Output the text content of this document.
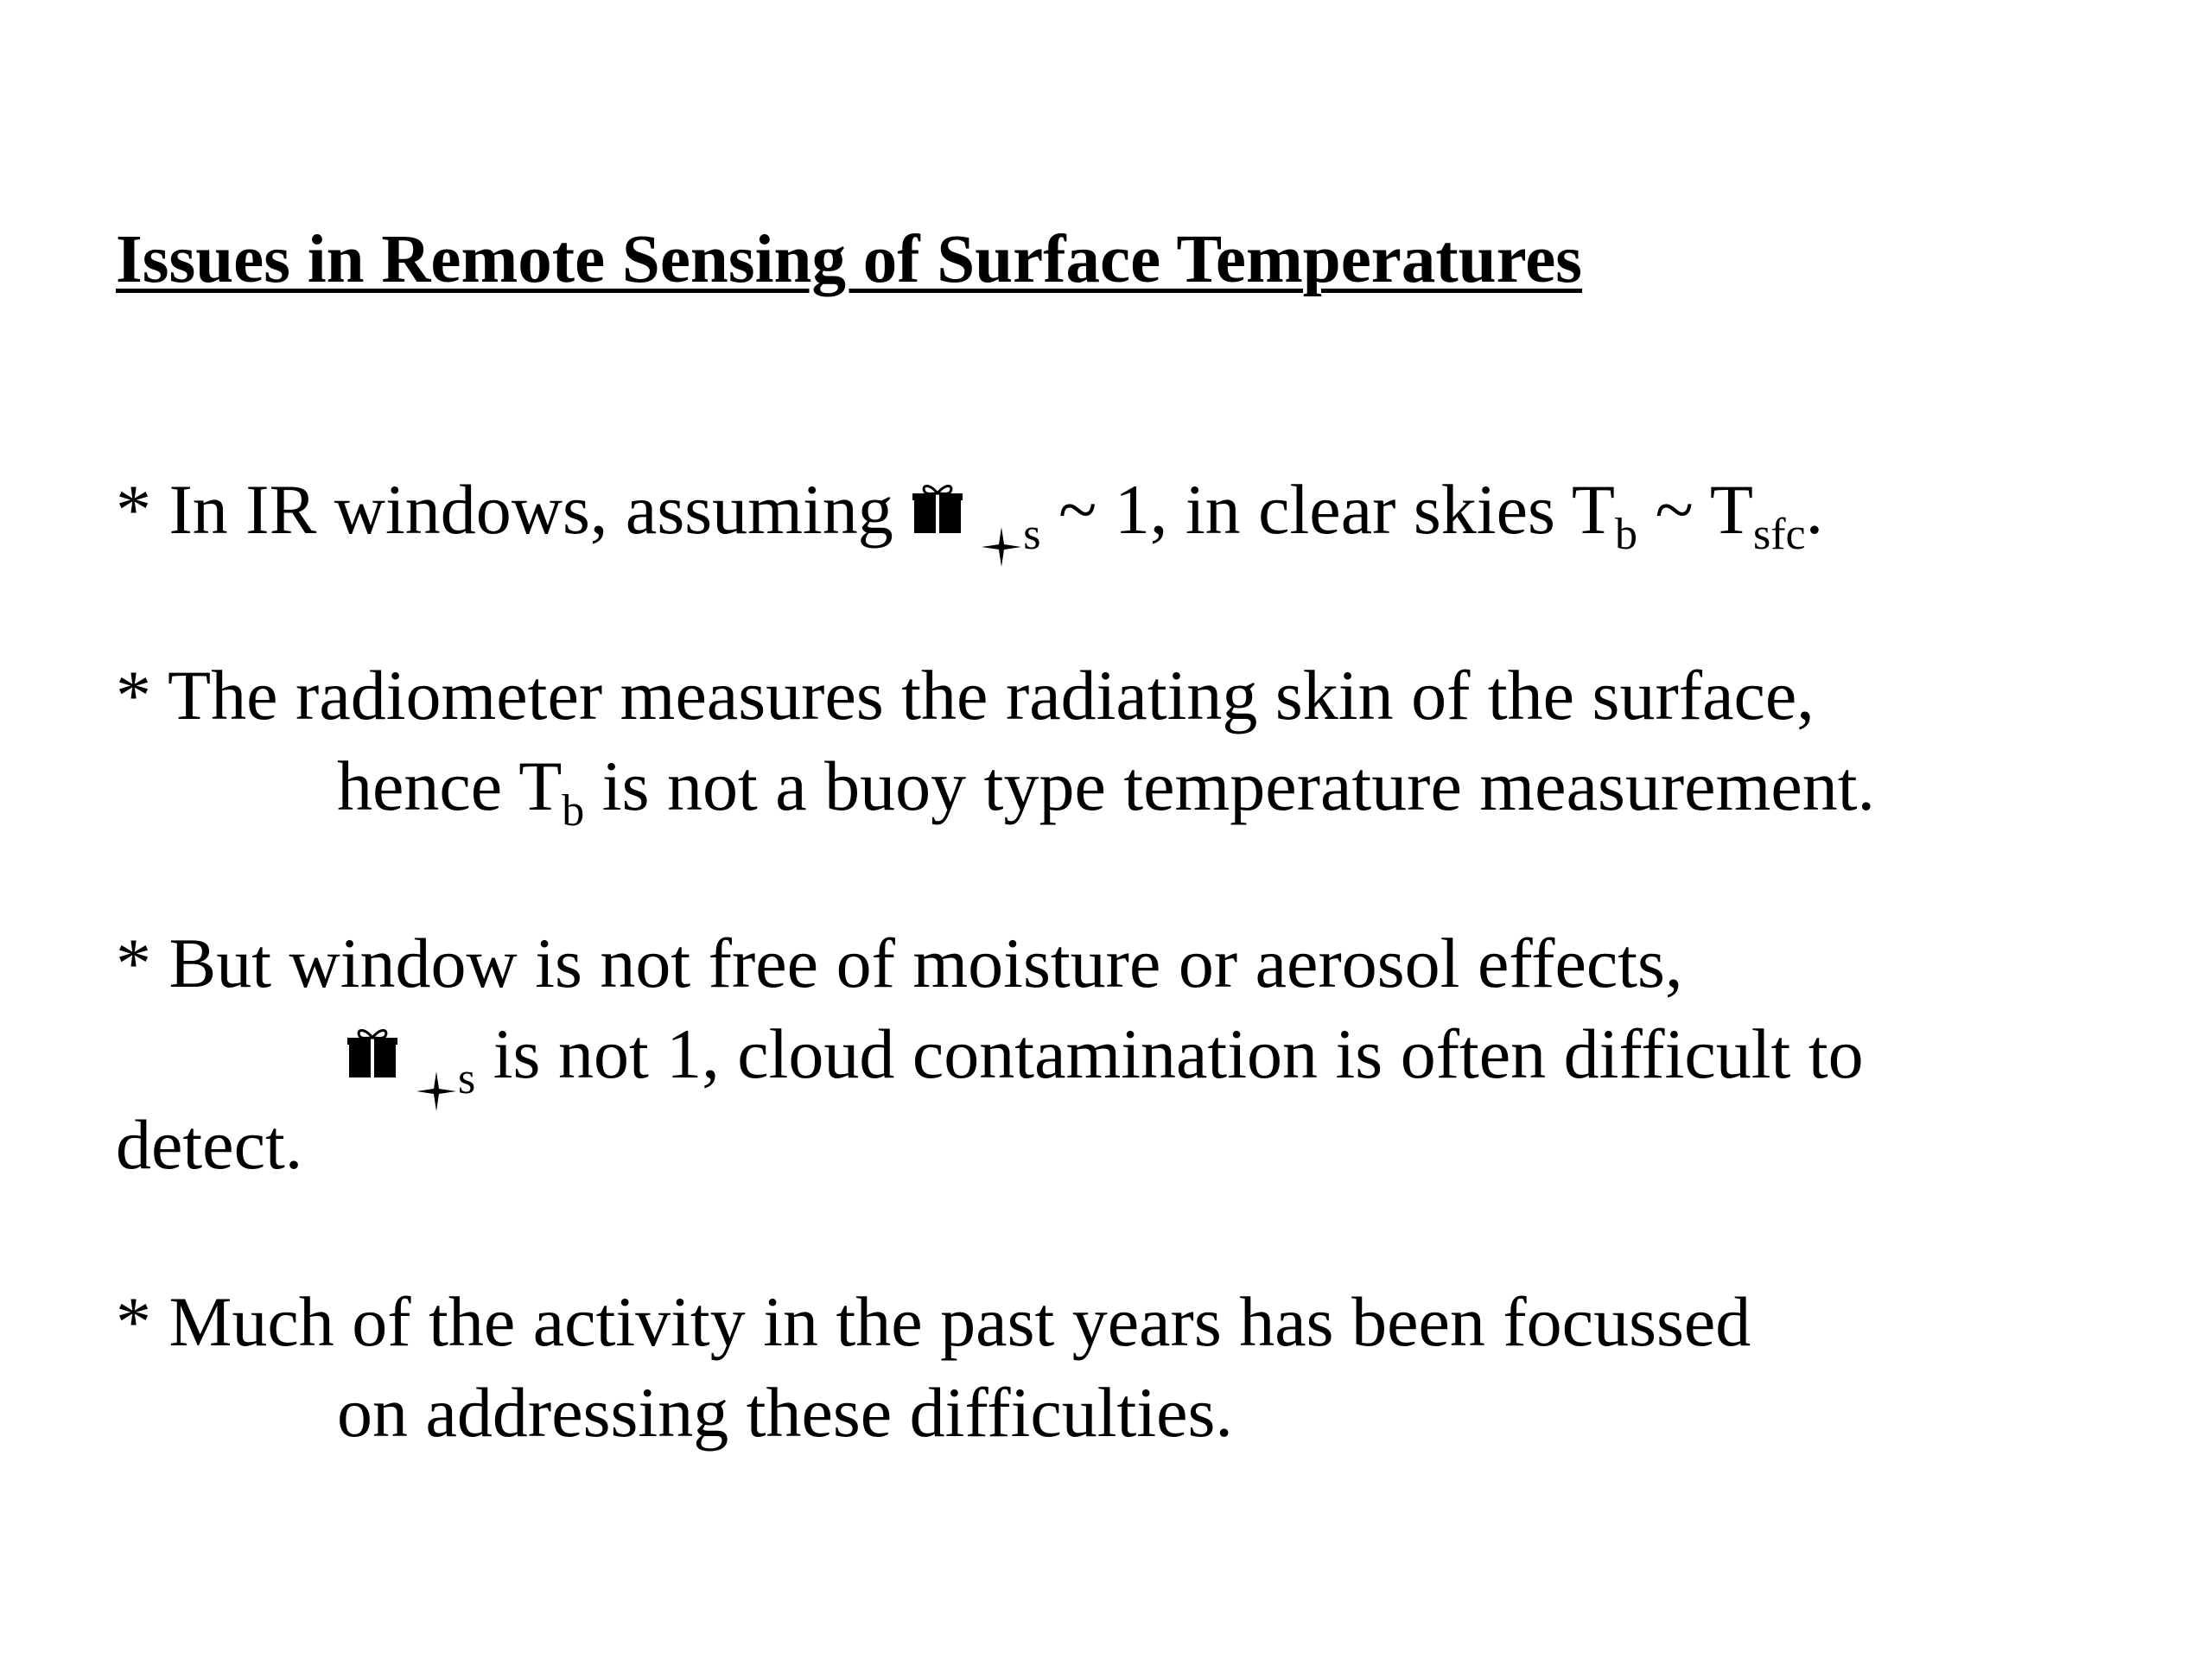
Issues in Remote Sensing of Surface Temperatures
* In IR windows, assuming	$_s$ ~ 1, in clear skies $T_b$ ~ $T_{sfc}$.
* The radiometer measures the radiating skin of the surface,
hence $T_b$ is not a buoy type temperature measurement.
* But window is not free of moisture or aerosol effects,
$_s$ is not 1, cloud contamination is often difficult to
detect.
* Much of the activity in the past years has been focussed
on addressing these difficulties.
